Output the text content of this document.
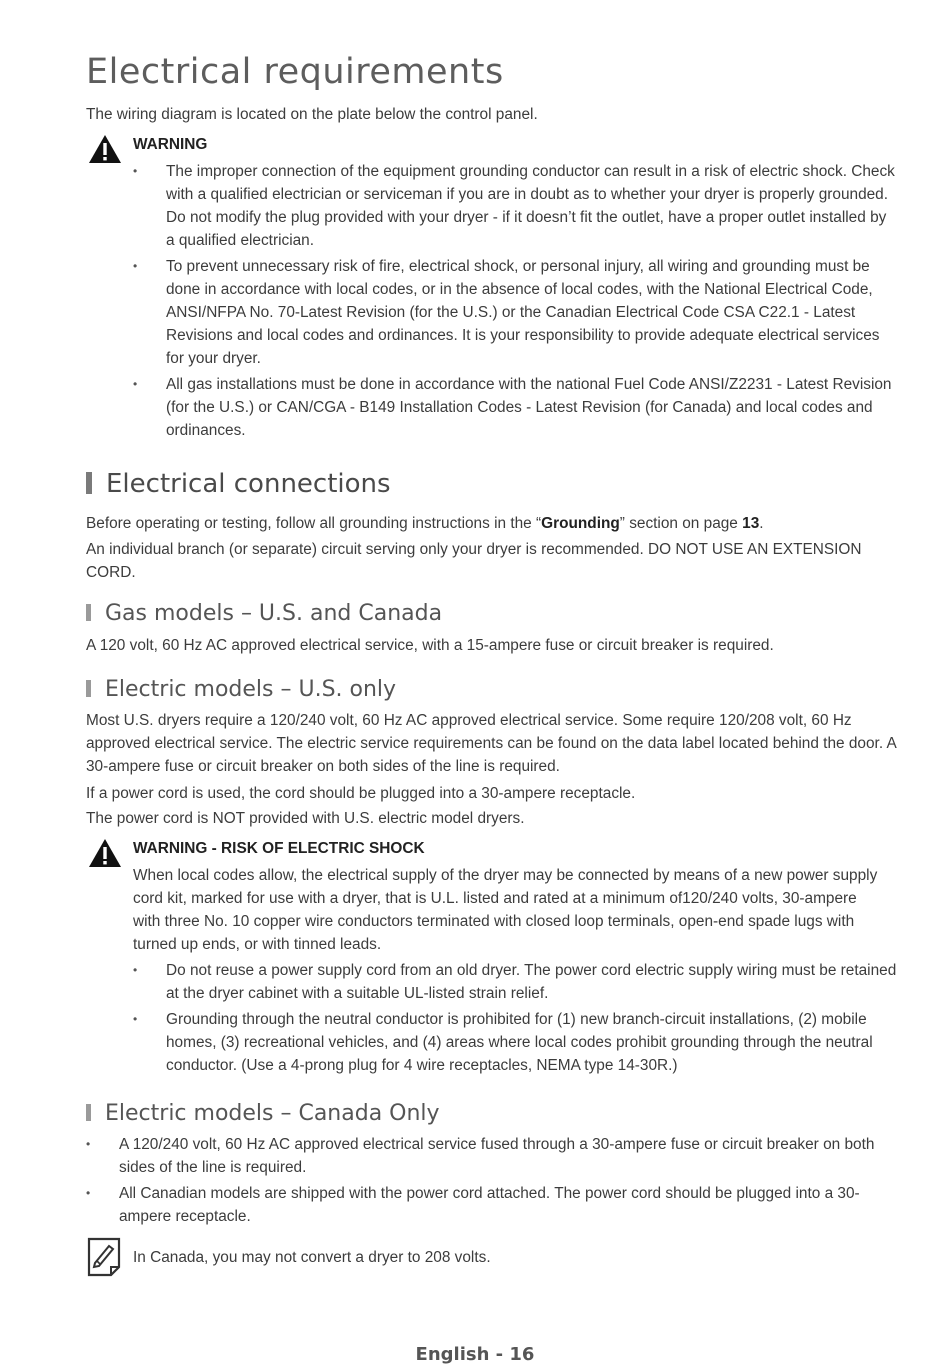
Electrical requirements
The wiring diagram is located on the plate below the control panel.
WARNING
• The improper connection of the equipment grounding conductor can result in a risk of electric shock. Check with a qualified electrician or serviceman if you are in doubt as to whether your dryer is properly grounded. Do not modify the plug provided with your dryer - if it doesn’t fit the outlet, have a proper outlet installed by a qualified electrician.
• To prevent unnecessary risk of fire, electrical shock, or personal injury, all wiring and grounding must be done in accordance with local codes, or in the absence of local codes, with the National Electrical Code, ANSI/NFPA No. 70-Latest Revision (for the U.S.) or the Canadian Electrical Code CSA C22.1 - Latest Revisions and local codes and ordinances. It is your responsibility to provide adequate electrical services for your dryer.
• All gas installations must be done in accordance with the national Fuel Code ANSI/Z2231 - Latest Revision (for the U.S.) or CAN/CGA - B149 Installation Codes - Latest Revision (for Canada) and local codes and ordinances.
Electrical connections
Before operating or testing, follow all grounding instructions in the “Grounding” section on page 13.
An individual branch (or separate) circuit serving only your dryer is recommended. DO NOT USE AN EXTENSION CORD.
Gas models – U.S. and Canada
A 120 volt, 60 Hz AC approved electrical service, with a 15-ampere fuse or circuit breaker is required.
Electric models – U.S. only
Most U.S. dryers require a 120/240 volt, 60 Hz AC approved electrical service. Some require 120/208 volt, 60 Hz approved electrical service. The electric service requirements can be found on the data label located behind the door. A 30-ampere fuse or circuit breaker on both sides of the line is required.
If a power cord is used, the cord should be plugged into a 30-ampere receptacle.
The power cord is NOT provided with U.S. electric model dryers.
WARNING - RISK OF ELECTRIC SHOCK
When local codes allow, the electrical supply of the dryer may be connected by means of a new power supply cord kit, marked for use with a dryer, that is U.L. listed and rated at a minimum of120/240 volts, 30-ampere with three No. 10 copper wire conductors terminated with closed loop terminals, open-end spade lugs with turned up ends, or with tinned leads.
• Do not reuse a power supply cord from an old dryer. The power cord electric supply wiring must be retained at the dryer cabinet with a suitable UL-listed strain relief.
• Grounding through the neutral conductor is prohibited for (1) new branch-circuit installations, (2) mobile homes, (3) recreational vehicles, and (4) areas where local codes prohibit grounding through the neutral conductor. (Use a 4-prong plug for 4 wire receptacles, NEMA type 14-30R.)
Electric models – Canada Only
• A 120/240 volt, 60 Hz AC approved electrical service fused through a 30-ampere fuse or circuit breaker on both sides of the line is required.
• All Canadian models are shipped with the power cord attached. The power cord should be plugged into a 30-ampere receptacle.
In Canada, you may not convert a dryer to 208 volts.
English - 16
